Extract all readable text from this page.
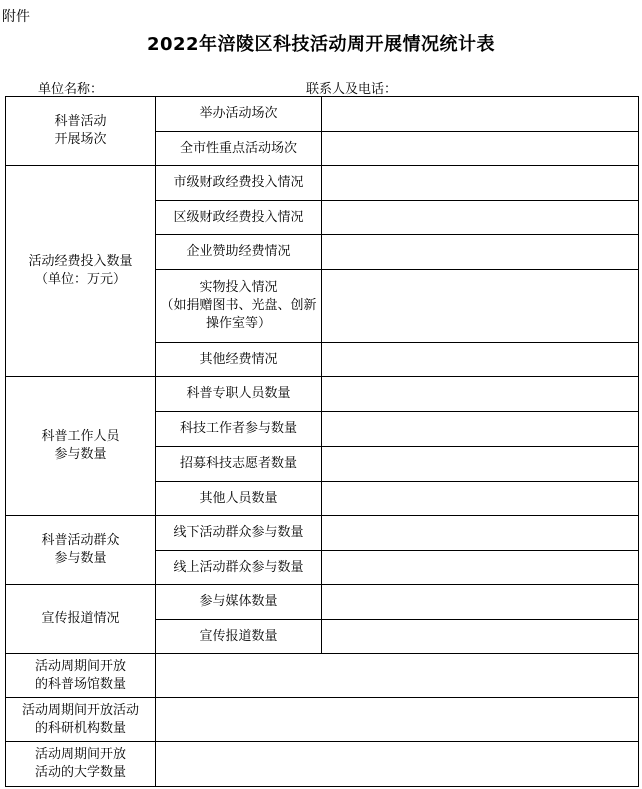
附件
2022年涪陵区科技活动周开展情况统计表
单位名称：	联系人及电话：
科普活动
开展场次	举办活动场次	

	全市性重点活动场次	

活动经费投入数量
（单位：万元）	市级财政经费投入情况	

	区级财政经费投入情况	

	企业赞助经费情况	

	实物投入情况
（如捐赠图书、光盘、创新
操作室等）	

	其他经费情况	

科普工作人员
参与数量	科普专职人员数量	

	科技工作者参与数量	

	招募科技志愿者数量	

	其他人员数量	

科普活动群众
参与数量	线下活动群众参与数量	

	线上活动群众参与数量	

宣传报道情况	参与媒体数量	

	宣传报道数量	

活动周期间开放
的科普场馆数量		

活动周期间开放活动
的科研机构数量		

活动周期间开放
活动的大学数量		
